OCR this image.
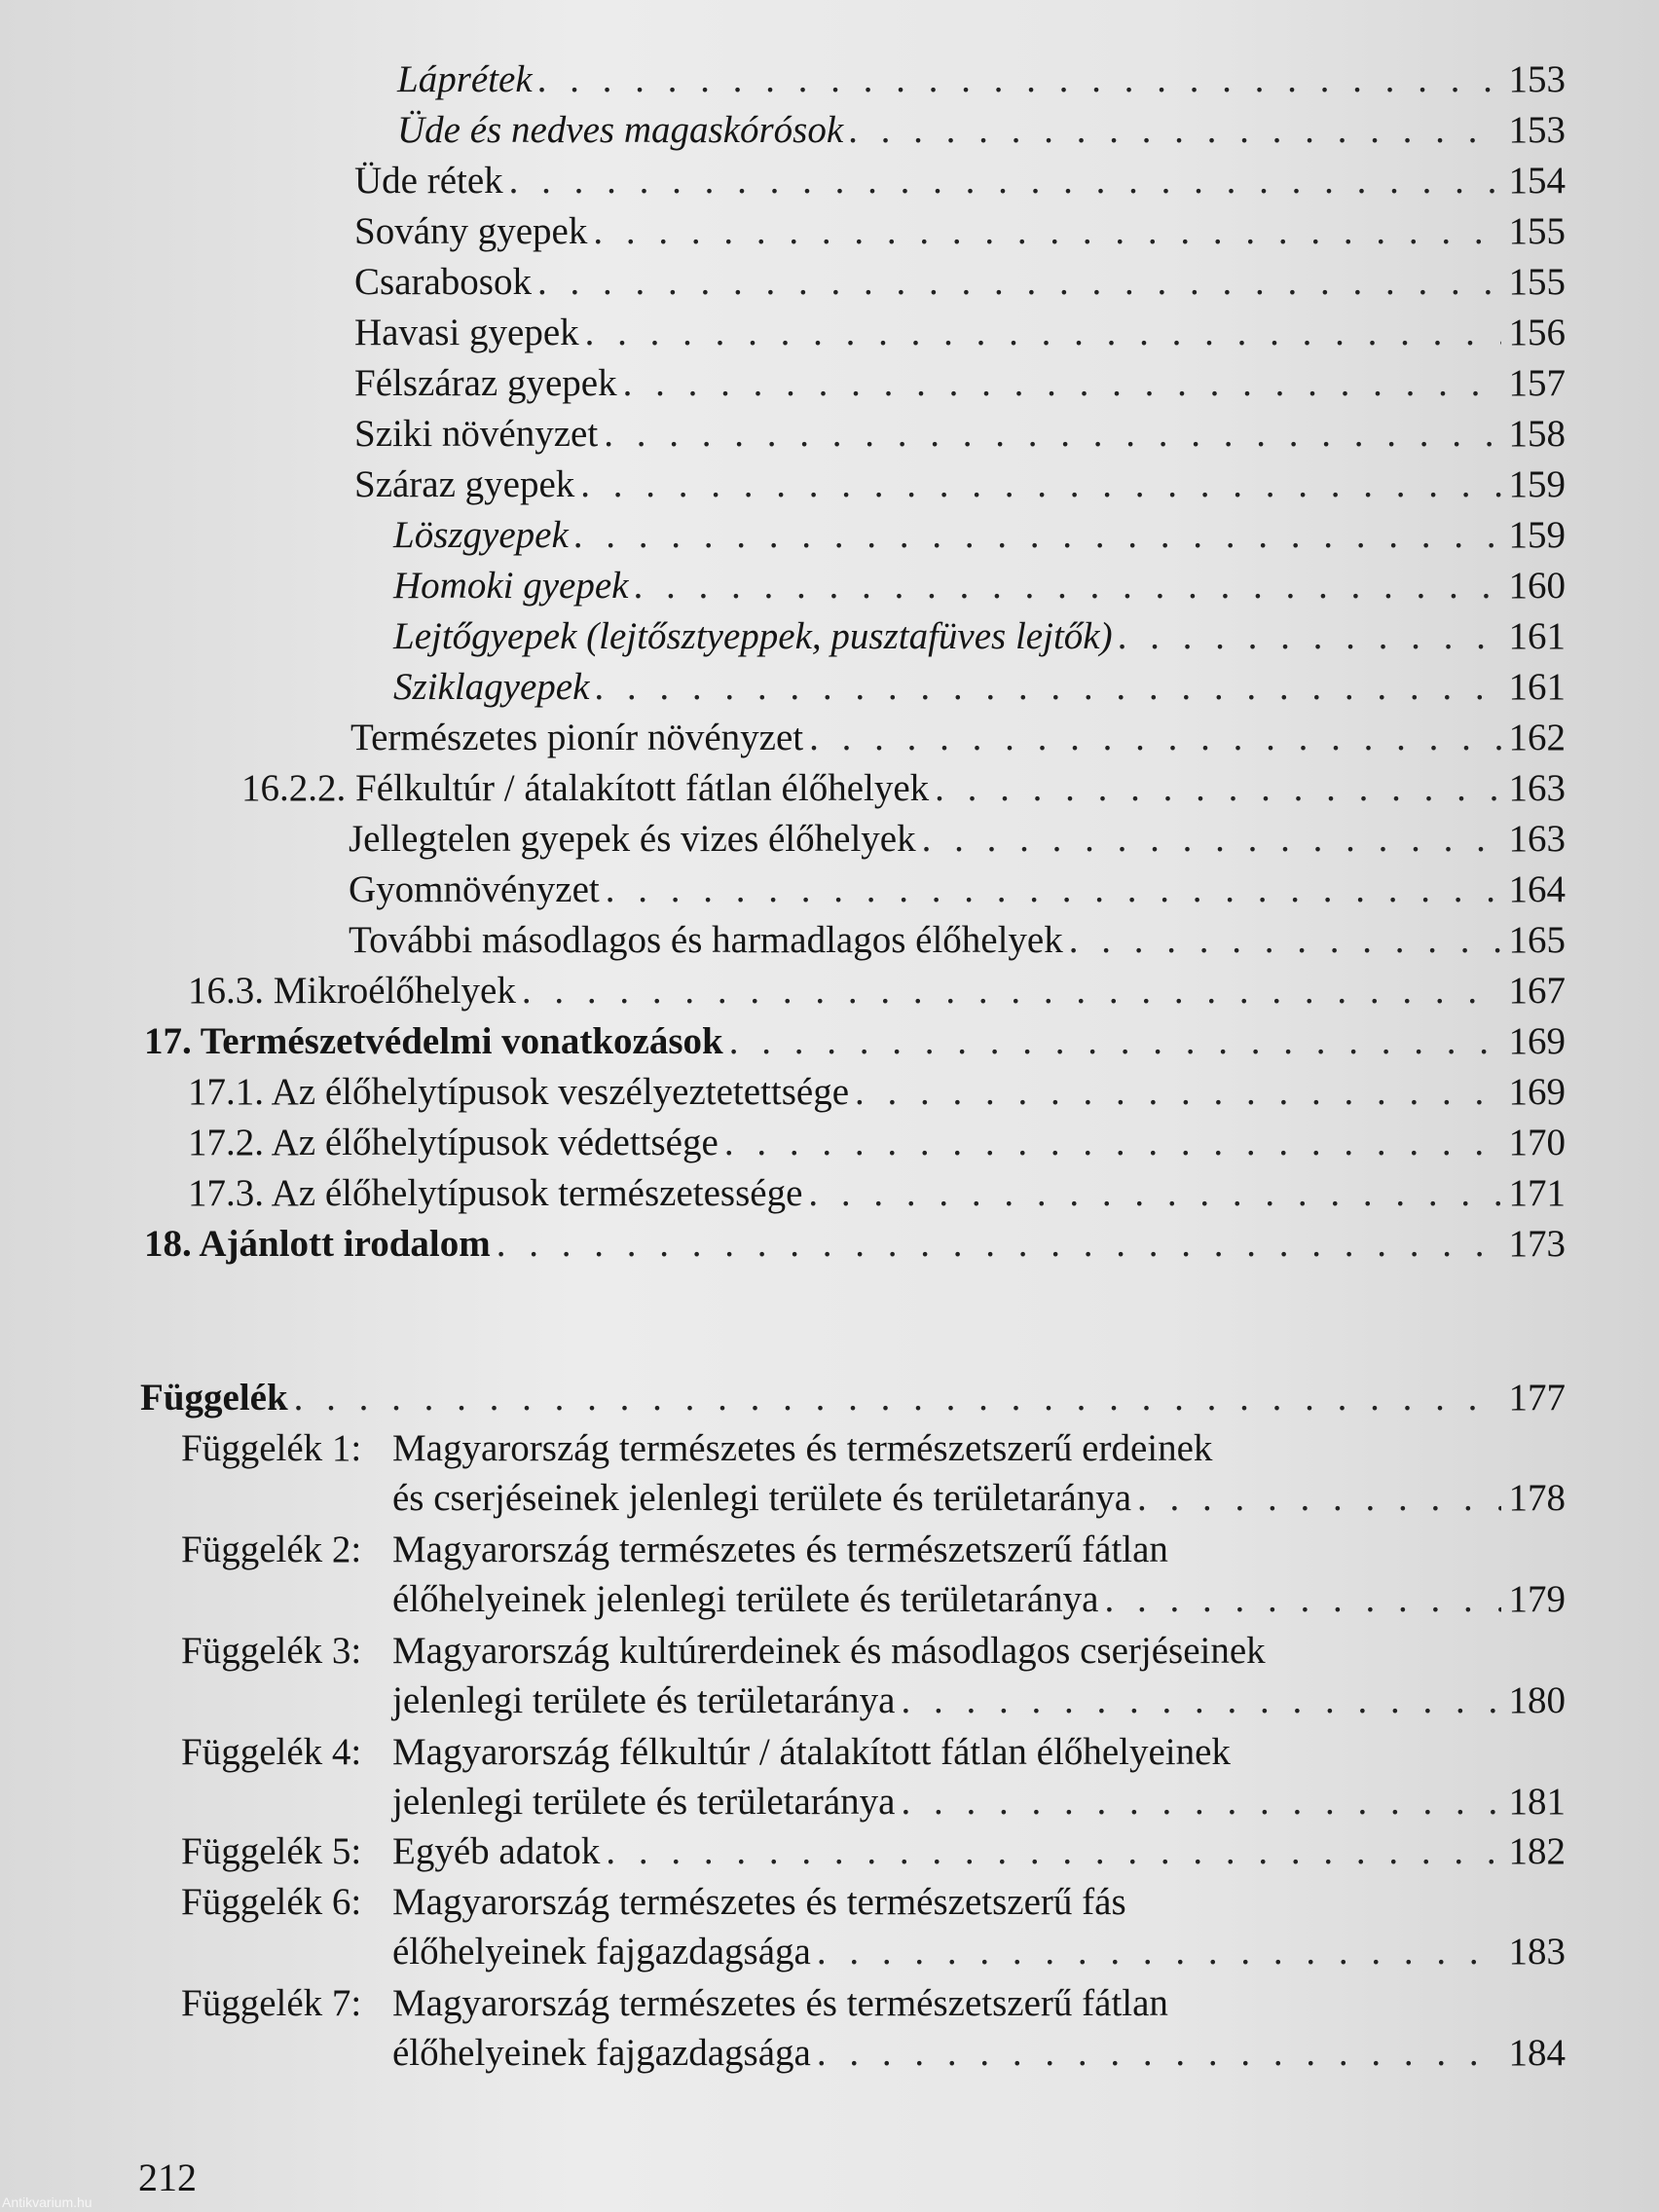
Láprétek . . .	153
Üde és nedves magaskórósok . . .	153
Üde rétek . . .	154
Sovány gyepek . . .	155
Csarabosok . . .	155
Havasi gyepek . . .	156
Félszáraz gyepek . . .	157
Sziki növényzet . . .	158
Száraz gyepek . . .	159
Löszgyepek . . .	159
Homoki gyepek . . .	160
Lejtőgyepek (lejtősztyeppek, pusztafüves lejtők) . . .	161
Sziklagyepek . . .	161
Természetes pionír növényzet . . .	162
16.2.2. Félkultúr / átalakított fátlan élőhelyek . . .	163
Jellegtelen gyepek és vizes élőhelyek . . .	163
Gyomnövényzet . . .	164
További másodlagos és harmadlagos élőhelyek . . .	165
16.3. Mikroélőhelyek . . .	167
17. Természetvédelmi vonatkozások . . .	169
17.1. Az élőhelytípusok veszélyeztetettsége . . .	169
17.2. Az élőhelytípusok védettsége . . .	170
17.3. Az élőhelytípusok természetessége . . .	171
18. Ajánlott irodalom . . .	173
Függelék . . .	177
Függelék 1: Magyarország természetes és természetszerű erdeinek
és cserjéseinek jelenlegi területe és területaránya . . .	178
Függelék 2: Magyarország természetes és természetszerű fátlan
élőhelyeinek jelenlegi területe és területaránya . . .	179
Függelék 3: Magyarország kultúrerdeinek és másodlagos cserjéseinek
jelenlegi területe és területaránya . . .	180
Függelék 4: Magyarország félkultúr / átalakított fátlan élőhelyeinek
jelenlegi területe és területaránya . . .	181
Függelék 5: Egyéb adatok . . .	182
Függelék 6: Magyarország természetes és természetszerű fás
élőhelyeinek fajgazdagsága . . .	183
Függelék 7: Magyarország természetes és természetszerű fátlan
élőhelyeinek fajgazdagsága . . .	184
212
Antikvarium.hu
